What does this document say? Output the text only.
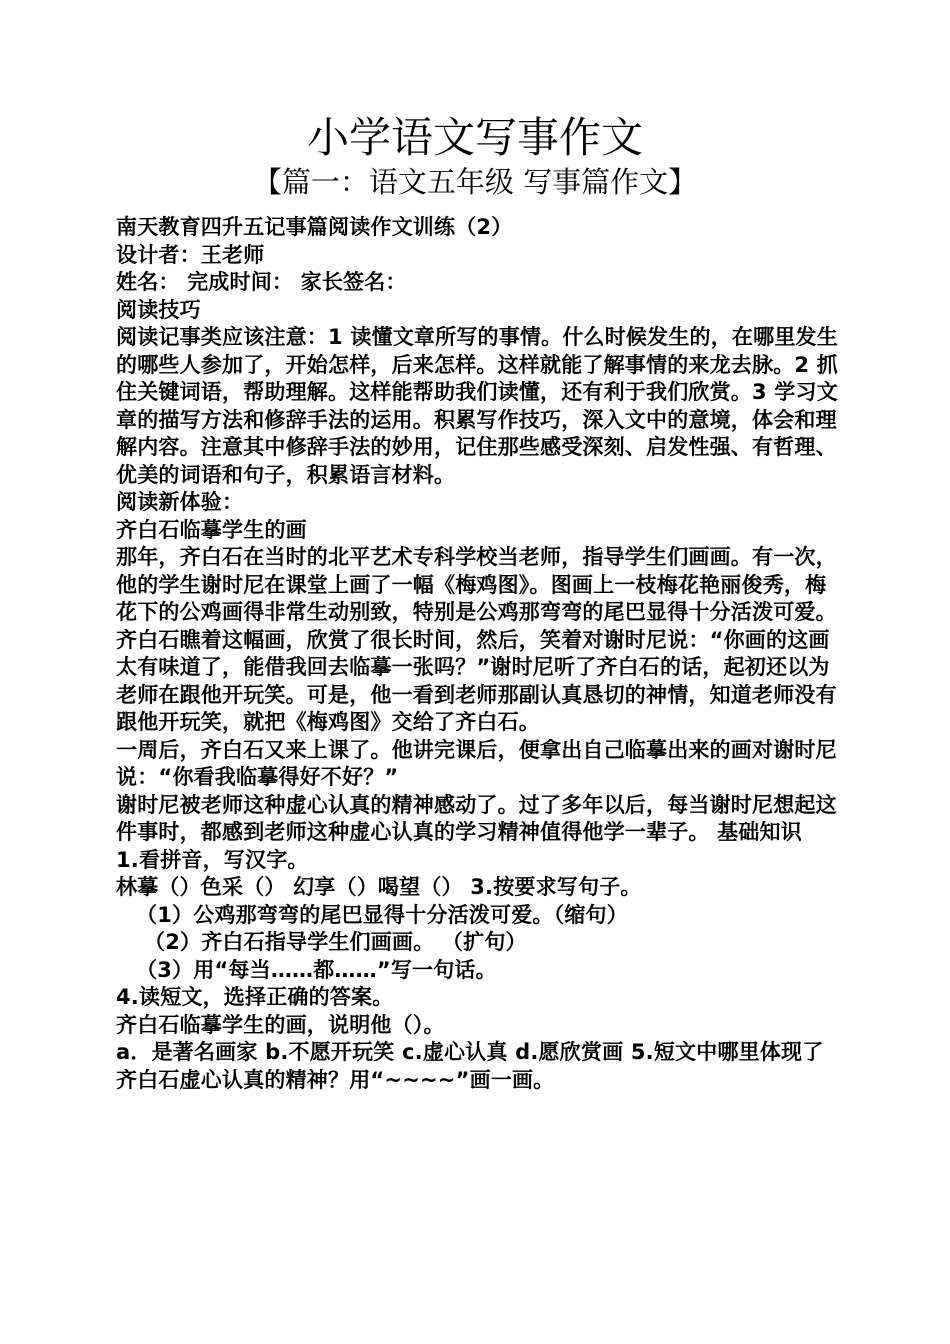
小学语文写事作文
【篇一：语文五年级 写事篇作文】

南天教育四升五记事篇阅读作文训练（2）

设计者：王老师

姓名： 完成时间： 家长签名：

阅读技巧

阅读记事类应该注意：1 读懂文章所写的事情。什么时候发生的，在哪里发生的哪些人参加了，开始怎样，后来怎样。这样就能了解事情的来龙去脉。2 抓住关键词语，帮助理解。这样能帮助我们读懂，还有利于我们欣赏。3 学习文章的描写方法和修辞手法的运用。积累写作技巧，深入文中的意境，体会和理解内容。注意其中修辞手法的妙用，记住那些感受深刻、启发性强、有哲理、优美的词语和句子，积累语言材料。

阅读新体验：

齐白石临摹学生的画

那年，齐白石在当时的北平艺术专科学校当老师，指导学生们画画。有一次，他的学生谢时尼在课堂上画了一幅《梅鸡图》。图画上一枝梅花艳丽俊秀，梅花下的公鸡画得非常生动别致，特别是公鸡那弯弯的尾巴显得十分活泼可爱。

齐白石瞧着这幅画，欣赏了很长时间，然后，笑着对谢时尼说：“你画的这画太有味道了，能借我回去临摹一张吗？”谢时尼听了齐白石的话，起初还以为老师在跟他开玩笑。可是，他一看到老师那副认真恳切的神情，知道老师没有跟他开玩笑，就把《梅鸡图》交给了齐白石。

一周后，齐白石又来上课了。他讲完课后，便拿出自己临摹出来的画对谢时尼说：“你看我临摹得好不好？”

谢时尼被老师这种虚心认真的精神感动了。过了多年以后，每当谢时尼想起这件事时，都感到老师这种虚心认真的学习精神值得他学一辈子。 基础知识

1.看拼音，写汉字。

林摹（）色采（） 幻享（）喝望（） 3.按要求写句子。

（1）公鸡那弯弯的尾巴显得十分活泼可爱。（缩句）

（2）齐白石指导学生们画画。 （扩句）

（3）用“每当……都……”写一句话。

4.读短文，选择正确的答案。

齐白石临摹学生的画，说明他（）。

a．是著名画家 b.不愿开玩笑 c.虚心认真 d.愿欣赏画 5.短文中哪里体现了齐白石虚心认真的精神？用“~~~~”画一画。
